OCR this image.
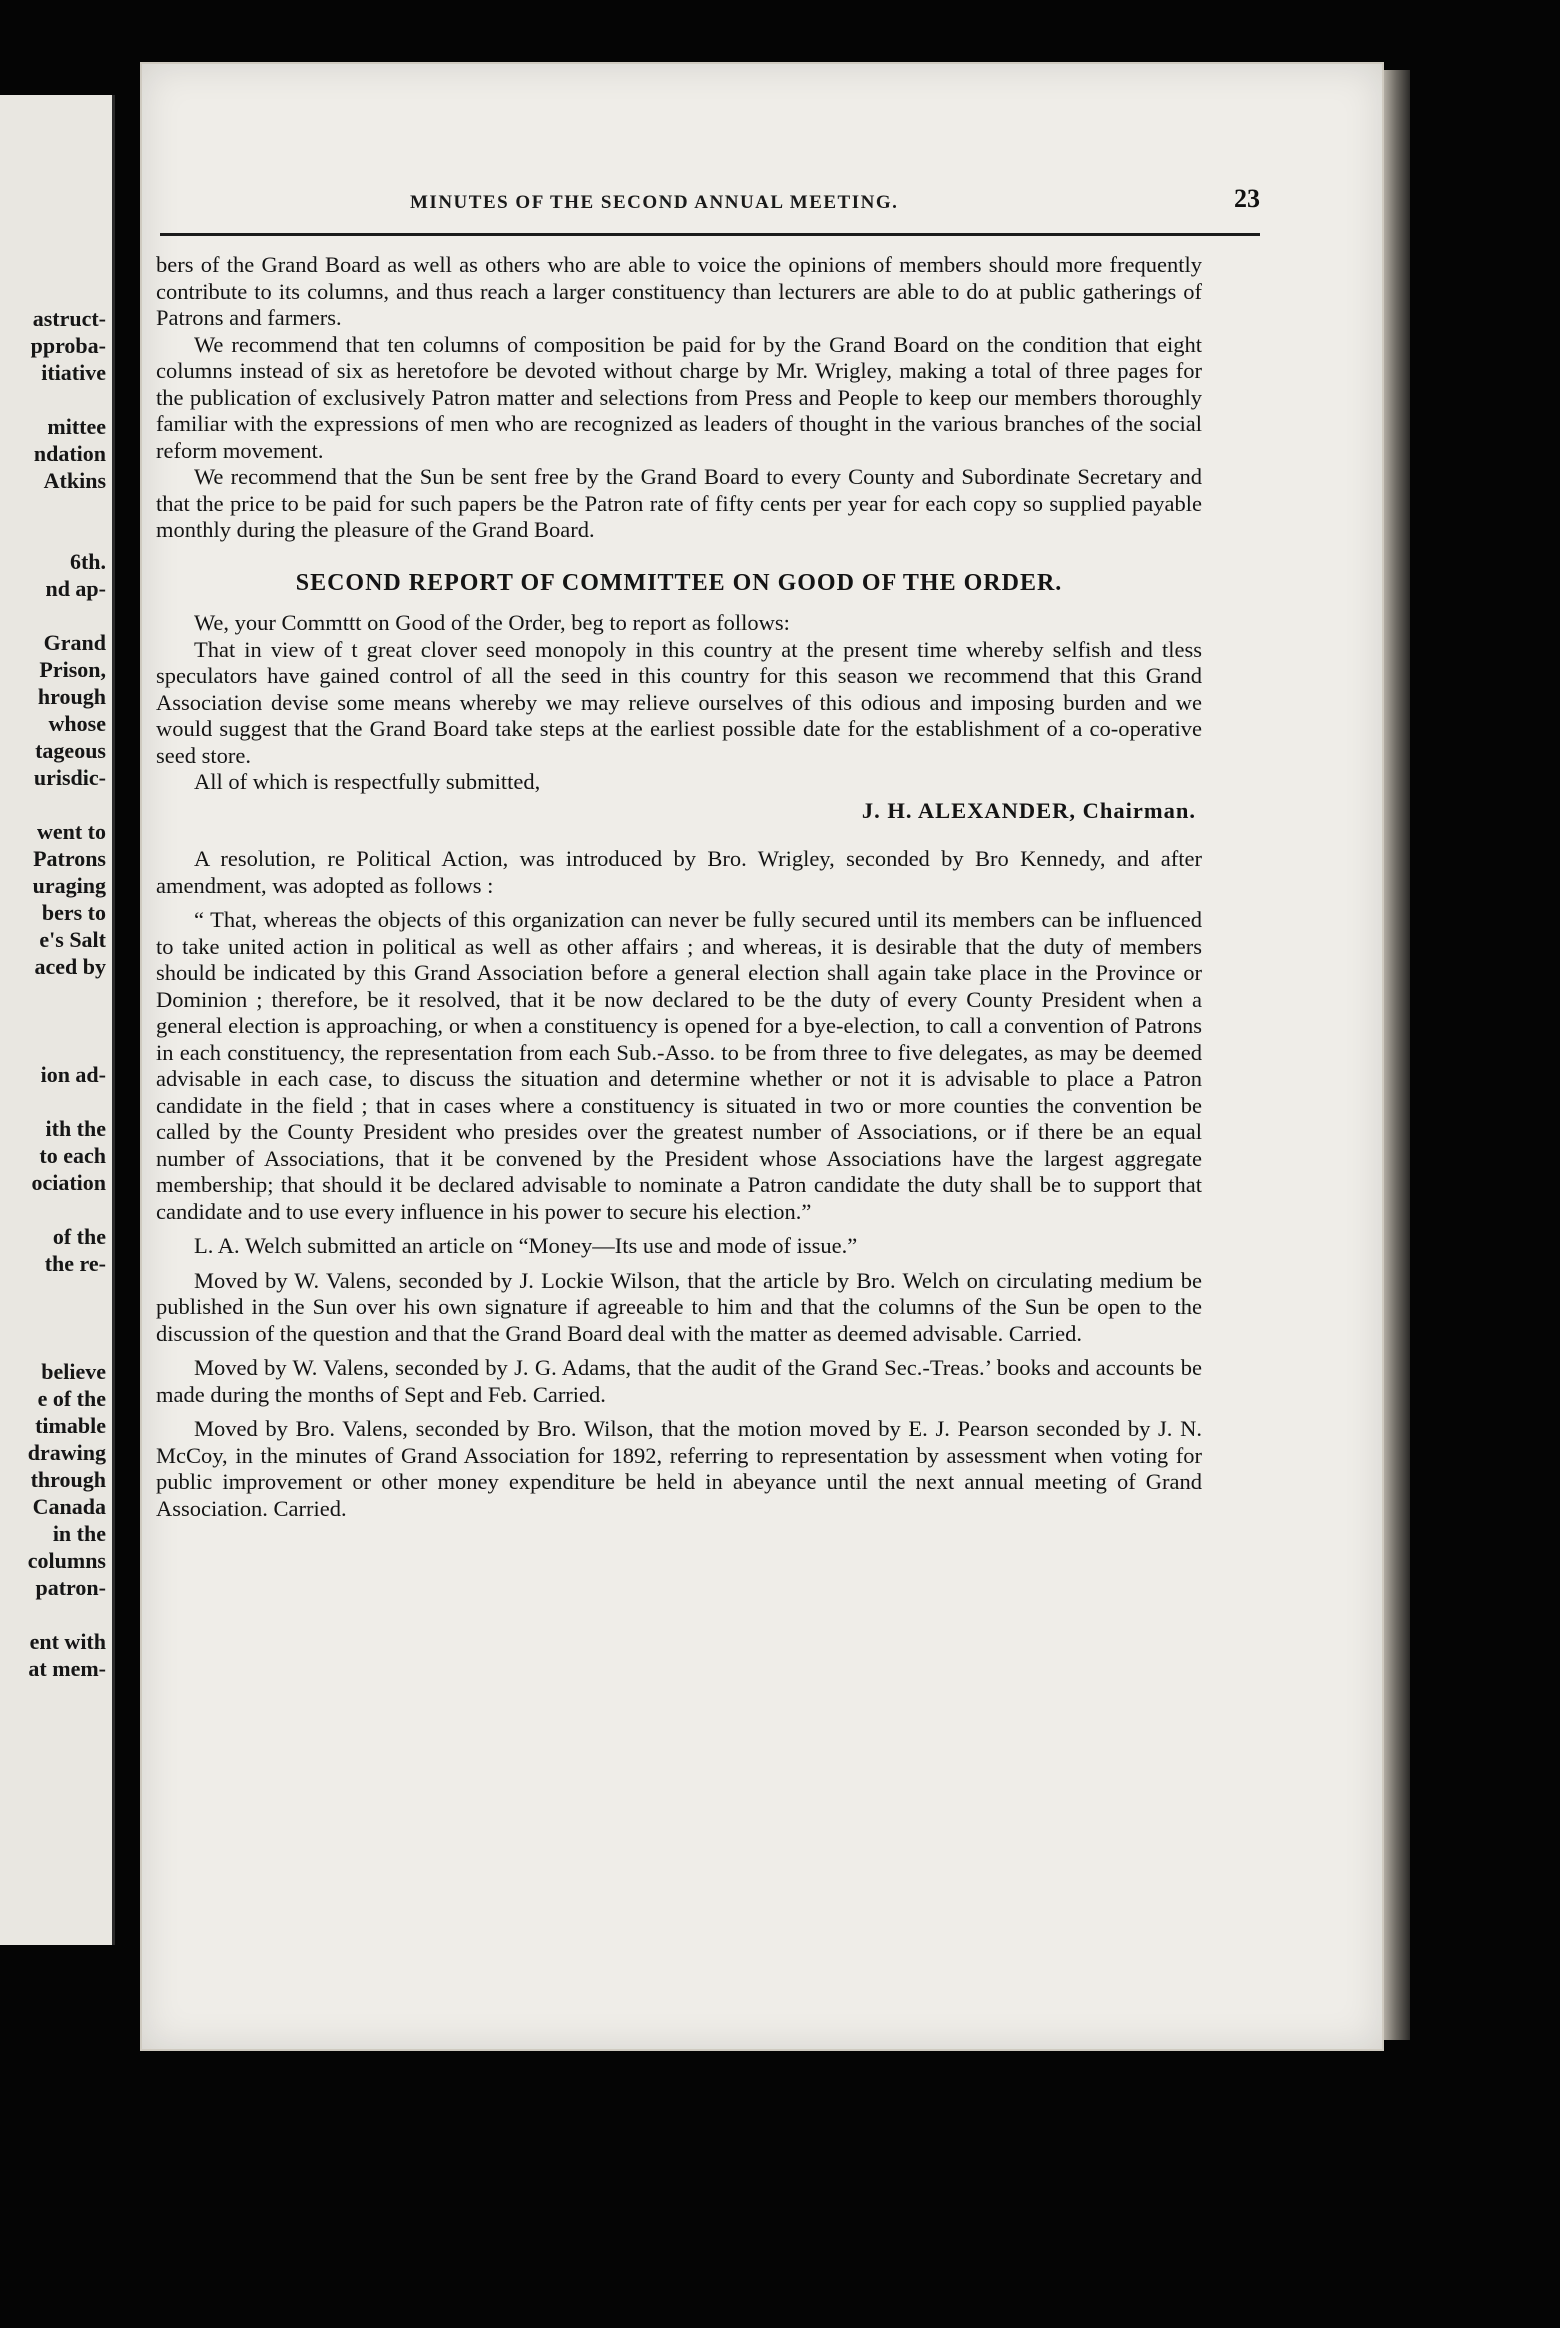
astruct-
pproba-
itiative
mittee
ndation
Atkins
6th.
nd ap-
Grand
Prison,
hrough
whose
tageous
urisdic-
went to
Patrons
uraging
bers to
e's Salt
aced by
ion ad-
ith the
to each
ociation
of the
the re-
believe
e of the
timable
drawing
through
Canada
in the
columns
patron-
ent with
at mem-
MINUTES OF THE SECOND ANNUAL MEETING.	23

bers of the Grand Board as well as others who are able to voice the opinions of members should more frequently contribute to its columns, and thus reach a larger constituency than lecturers are able to do at public gatherings of Patrons and farmers.

We recommend that ten columns of composition be paid for by the Grand Board on the condition that eight columns instead of six as heretofore be devoted without charge by Mr. Wrigley, making a total of three pages for the publication of exclusively Patron matter and selections from Press and People to keep our members thoroughly familiar with the expressions of men who are recognized as leaders of thought in the various branches of the social reform movement.

We recommend that the Sun be sent free by the Grand Board to every County and Subordinate Secretary and that the price to be paid for such papers be the Patron rate of fifty cents per year for each copy so supplied payable monthly during the pleasure of the Grand Board.

SECOND REPORT OF COMMITTEE ON GOOD OF THE ORDER.

We, your Commttt on Good of the Order, beg to report as follows:

That in view of t great clover seed monopoly in this country at the present time whereby selfish and tless speculators have gained control of all the seed in this country for this season we recommend that this Grand Association devise some means whereby we may relieve ourselves of this odious and imposing burden and we would suggest that the Grand Board take steps at the earliest possible date for the establishment of a co-operative seed store.

All of which is respectfully submitted,

J. H. ALEXANDER, Chairman.

A resolution, re Political Action, was introduced by Bro. Wrigley, seconded by Bro Kennedy, and after amendment, was adopted as follows :

“ That, whereas the objects of this organization can never be fully secured until its members can be influenced to take united action in political as well as other affairs ; and whereas, it is desirable that the duty of members should be indicated by this Grand Association before a general election shall again take place in the Province or Dominion ; therefore, be it resolved, that it be now declared to be the duty of every County President when a general election is approaching, or when a constituency is opened for a bye-election, to call a convention of Patrons in each constituency, the representation from each Sub.-Asso. to be from three to five delegates, as may be deemed advisable in each case, to discuss the situation and determine whether or not it is advisable to place a Patron candidate in the field ; that in cases where a constituency is situated in two or more counties the convention be called by the County President who presides over the greatest number of Associations, or if there be an equal number of Associations, that it be convened by the President whose Associations have the largest aggregate membership; that should it be declared advisable to nominate a Patron candidate the duty shall be to support that candidate and to use every influence in his power to secure his election.”

L. A. Welch submitted an article on “Money—Its use and mode of issue.”

Moved by W. Valens, seconded by J. Lockie Wilson, that the article by Bro. Welch on circulating medium be published in the Sun over his own signature if agreeable to him and that the columns of the Sun be open to the discussion of the question and that the Grand Board deal with the matter as deemed advisable. Carried.

Moved by W. Valens, seconded by J. G. Adams, that the audit of the Grand Sec.-Treas.’ books and accounts be made during the months of Sept and Feb. Carried.

Moved by Bro. Valens, seconded by Bro. Wilson, that the motion moved by E. J. Pearson seconded by J. N. McCoy, in the minutes of Grand Association for 1892, referring to representation by assessment when voting for public improvement or other money expenditure be held in abeyance until the next annual meeting of Grand Association. Carried.
